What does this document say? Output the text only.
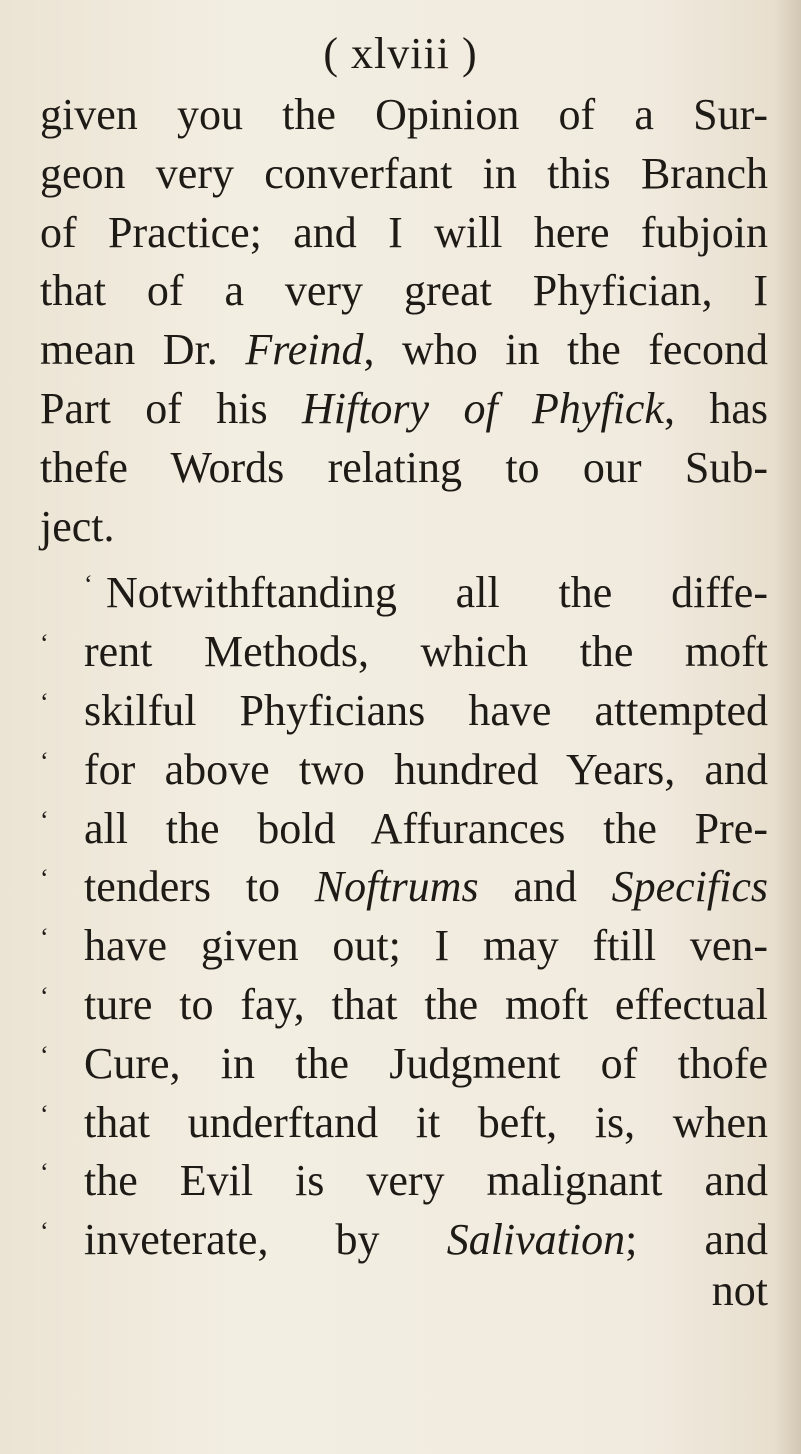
( xlviii )
given you the Opinion of a Sur-
geon very converfant in this Branch
of Practice; and I will here fubjoin
that of a very great Phyfician, I
mean Dr. Freind, who in the fecond
Part of his Hiftory of Phyfick, has
thefe Words relating to our Sub-
ject.
‘ Notwithftanding all the diffe-
‘ rent Methods, which the moft
‘ skilful Phyficians have attempted
‘ for above two hundred Years, and
‘ all the bold Affurances the Pre-
‘ tenders to Noftrums and Specifics
‘ have given out; I may ftill ven-
‘ ture to fay, that the moft effectual
‘ Cure, in the Judgment of thofe
‘ that underftand it beft, is, when
‘ the Evil is very malignant and
‘ inveterate, by Salivation; and
not
